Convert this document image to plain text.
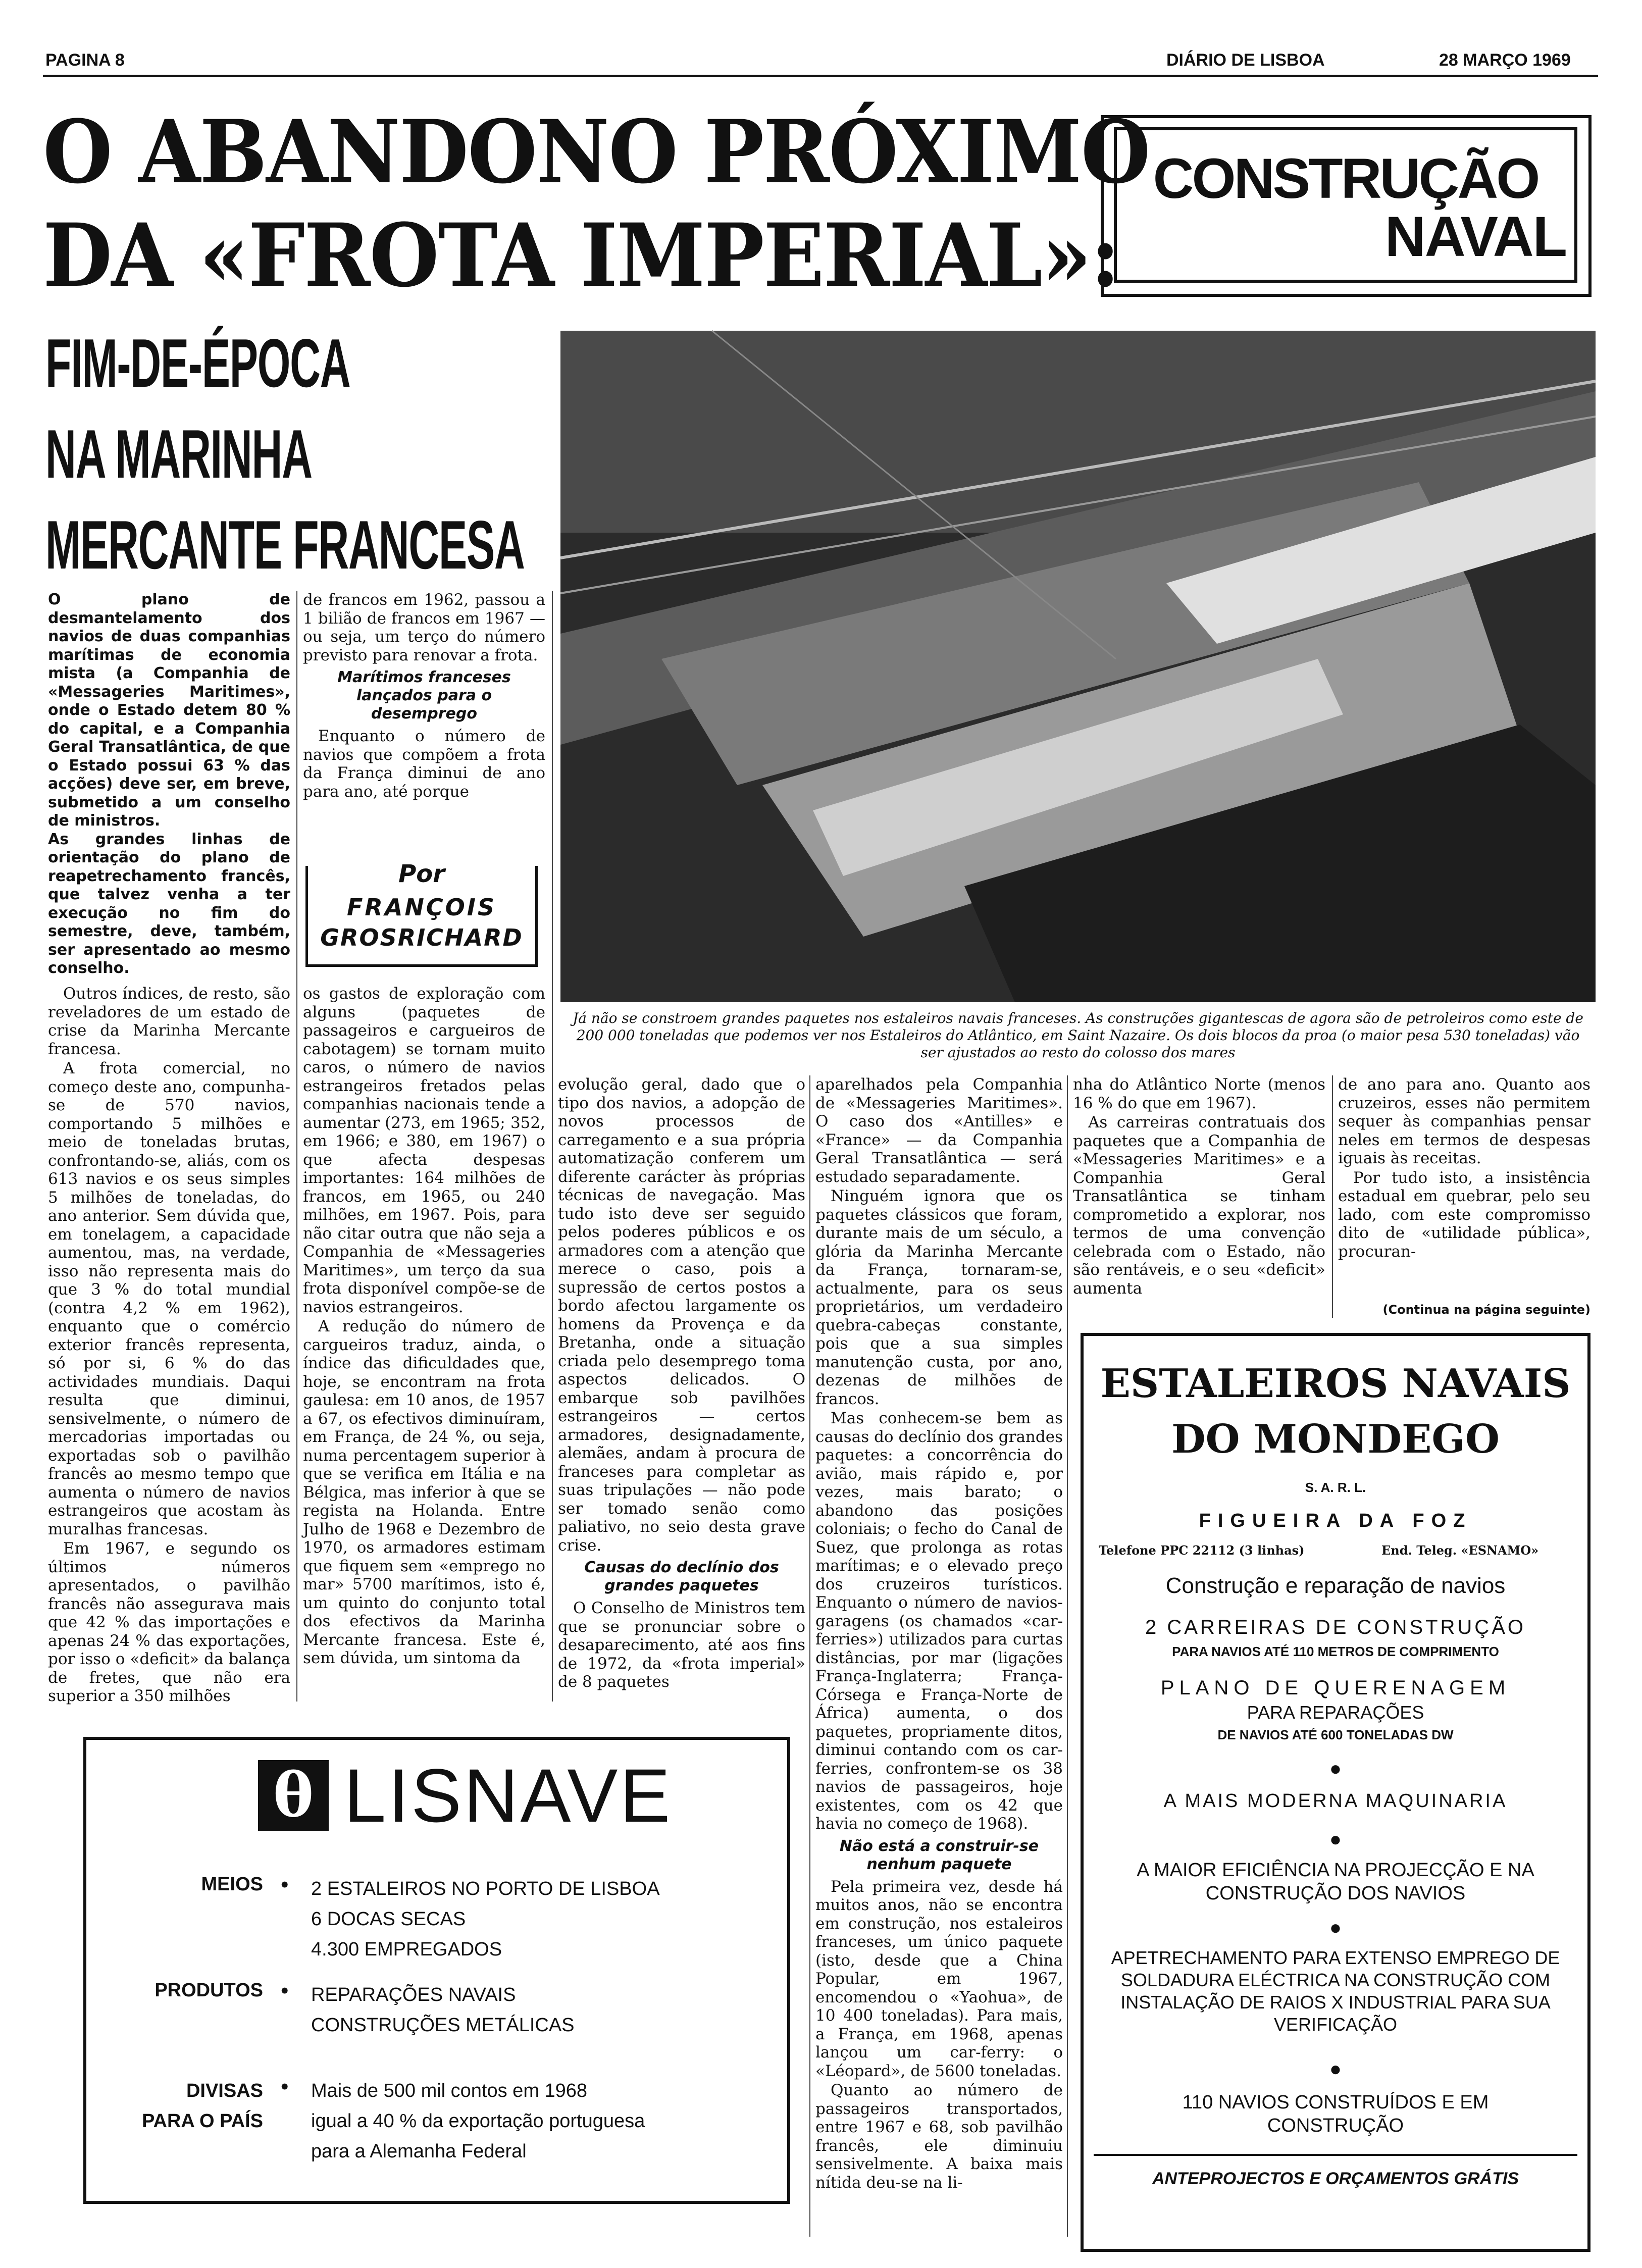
PAGINA 8	DIÁRIO DE LISBOA	28 MARÇO 1969
O ABANDONO PRÓXIMO
DA «FROTA IMPERIAL»:
CONSTRUÇÃO
NAVAL
FIM-DE-ÉPOCA
NA MARINHA
MERCANTE FRANCESA
Já não se constroem grandes paquetes nos estaleiros navais franceses. As construções gigantescas de agora são de petroleiros como este de 200 000 toneladas que podemos ver nos Estaleiros do Atlântico, em Saint Nazaire. Os dois blocos da proa (o maior pesa 530 toneladas) vão ser ajustados ao resto do colosso dos mares

O plano de desmantelamento dos navios de duas companhias marítimas de economia mista (a Companhia de «Messageries Maritimes», onde o Estado detem 80 % do capital, e a Companhia Geral Transatlântica, de que o Estado possui 63 % das acções) deve ser, em breve, submetido a um conselho de ministros.

As grandes linhas de orientação do plano de reapetrechamento francês, que talvez venha a ter execução no fim do semestre, deve, também, ser apresentado ao mesmo conselho.

de francos em 1962, passou a 1 bilião de francos em 1967 — ou seja, um terço do número previsto para renovar a frota.

Marítimos franceses lançados para o desemprego

Enquanto o número de navios que compõem a frota da França diminui de ano para ano, até porque

Por
FRANÇOIS
GROSRICHARD

Outros índices, de resto, são reveladores de um estado de crise da Marinha Mercante francesa.

A frota comercial, no começo deste ano, compunha-se de 570 navios, comportando 5 milhões e meio de toneladas brutas, confrontando-se, aliás, com os 613 navios e os seus simples 5 milhões de toneladas, do ano anterior. Sem dúvida que, em tonelagem, a capacidade aumentou, mas, na verdade, isso não representa mais do que 3 % do total mundial (contra 4,2 % em 1962), enquanto que o comércio exterior francês representa, só por si, 6 % do das actividades mundiais. Daqui resulta que diminui, sensivelmente, o número de mercadorias importadas ou exportadas sob o pavilhão francês ao mesmo tempo que aumenta o número de navios estrangeiros que acostam às muralhas francesas.

Em 1967, e segundo os últimos números apresentados, o pavilhão francês não assegurava mais que 42 % das importações e apenas 24 % das exportações, por isso o «deficit» da balança de fretes, que não era superior a 350 milhões

os gastos de exploração com alguns (paquetes de passageiros e cargueiros de cabotagem) se tornam muito caros, o número de navios estrangeiros fretados pelas companhias nacionais tende a aumentar (273, em 1965; 352, em 1966; e 380, em 1967) o que afecta despesas importantes: 164 milhões de francos, em 1965, ou 240 milhões, em 1967. Pois, para não citar outra que não seja a Companhia de «Messageries Maritimes», um terço da sua frota disponível compõe-se de navios estrangeiros.

A redução do número de cargueiros traduz, ainda, o índice das dificuldades que, hoje, se encontram na frota gaulesa: em 10 anos, de 1957 a 67, os efectivos diminuíram, em França, de 24 %, ou seja, numa percentagem superior à que se verifica em Itália e na Bélgica, mas inferior à que se regista na Holanda. Entre Julho de 1968 e Dezembro de 1970, os armadores estimam que fiquem sem «emprego no mar» 5700 marítimos, isto é, um quinto do conjunto total dos efectivos da Marinha Mercante francesa. Este é, sem dúvida, um sintoma da

evolução geral, dado que o tipo dos navios, a adopção de novos processos de carregamento e a sua própria automatização conferem um diferente carácter às próprias técnicas de navegação. Mas tudo isto deve ser seguido pelos poderes públicos e os armadores com a atenção que merece o caso, pois a supressão de certos postos a bordo afectou largamente os homens da Provença e da Bretanha, onde a situação criada pelo desemprego toma aspectos delicados. O embarque sob pavilhões estrangeiros — certos armadores, designadamente, alemães, andam à procura de franceses para completar as suas tripulações — não pode ser tomado senão como paliativo, no seio desta grave crise.

Causas do declínio dos grandes paquetes

O Conselho de Ministros tem que se pronunciar sobre o desaparecimento, até aos fins de 1972, da «frota imperial» de 8 paquetes

aparelhados pela Companhia de «Messageries Maritimes». O caso dos «Antilles» e «France» — da Companhia Geral Transatlântica — será estudado separadamente.

Ninguém ignora que os paquetes clássicos que foram, durante mais de um século, a glória da Marinha Mercante da França, tornaram-se, actualmente, para os seus proprietários, um verdadeiro quebra-cabeças constante, pois que a sua simples manutenção custa, por ano, dezenas de milhões de francos.

Mas conhecem-se bem as causas do declínio dos grandes paquetes: a concorrência do avião, mais rápido e, por vezes, mais barato; o abandono das posições coloniais; o fecho do Canal de Suez, que prolonga as rotas marítimas; e o elevado preço dos cruzeiros turísticos. Enquanto o número de navios-garagens (os chamados «car-ferries») utilizados para curtas distâncias, por mar (ligações França-Inglaterra; França-Córsega e França-Norte de África) aumenta, o dos paquetes, propriamente ditos, diminui contando com os car-ferries, confrontem-se os 38 navios de passageiros, hoje existentes, com os 42 que havia no começo de 1968).

Não está a construir-se nenhum paquete

Pela primeira vez, desde há muitos anos, não se encontra em construção, nos estaleiros franceses, um único paquete (isto, desde que a China Popular, em 1967, encomendou o «Yaohua», de 10 400 toneladas). Para mais, a França, em 1968, apenas lançou um car-ferry: o «Léopard», de 5600 toneladas.

Quanto ao número de passageiros transportados, entre 1967 e 68, sob pavilhão francês, ele diminuiu sensivelmente. A baixa mais nítida deu-se na li-

nha do Atlântico Norte (menos 16 % do que em 1967).

As carreiras contratuais dos paquetes que a Companhia de «Messageries Maritimes» e a Companhia Geral Transatlântica se tinham comprometido a explorar, nos termos de uma convenção celebrada com o Estado, não são rentáveis, e o seu «deficit» aumenta

de ano para ano. Quanto aos cruzeiros, esses não permitem sequer às companhias pensar neles em termos de despesas iguais às receitas.

Por tudo isto, a insistência estadual em quebrar, pelo seu lado, com este compromisso dito de «utilidade pública», procuran-

(Continua na página seguinte)
θ LISNAVE
MEIOS • 2 ESTALEIROS NO PORTO DE LISBOA
6 DOCAS SECAS
4.300 EMPREGADOS
PRODUTOS • REPARAÇÕES NAVAIS
CONSTRUÇÕES METÁLICAS
DIVISAS
PARA O PAÍS
• Mais de 500 mil contos em 1968
igual a 40 % da exportação portuguesa
para a Alemanha Federal
ESTALEIROS NAVAIS
DO MONDEGO
S. A. R. L.
FIGUEIRA DA FOZ
Telefone PPC 22112 (3 linhas)	End. Teleg. «ESNAMO»
Construção e reparação de navios
2 CARREIRAS DE CONSTRUÇÃO
PARA NAVIOS ATÉ 110 METROS DE COMPRIMENTO
PLANO DE QUERENAGEM
PARA REPARAÇÕES
DE NAVIOS ATÉ 600 TONELADAS DW
●
A MAIS MODERNA MAQUINARIA
●
A MAIOR EFICIÊNCIA NA PROJECÇÃO E NA CONSTRUÇÃO DOS NAVIOS
●
APETRECHAMENTO PARA EXTENSO EMPREGO DE SOLDADURA ELÉCTRICA NA CONSTRUÇÃO COM INSTALAÇÃO DE RAIOS X INDUSTRIAL PARA SUA VERIFICAÇÃO
●
110 NAVIOS CONSTRUÍDOS E EM CONSTRUÇÃO
ANTEPROJECTOS E ORÇAMENTOS GRÁTIS
